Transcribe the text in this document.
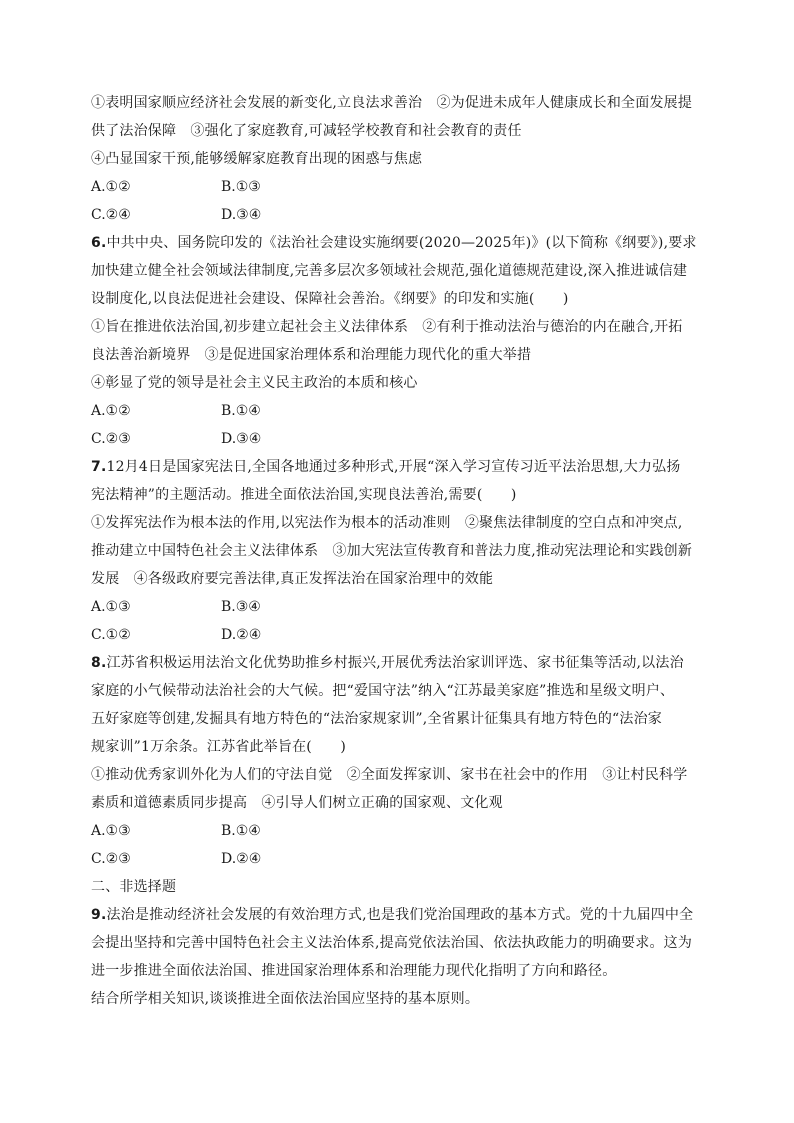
①表明国家顺应经济社会发展的新变化,立良法求善治　②为促进未成年人健康成长和全面发展提
供了法治保障　③强化了家庭教育,可减轻学校教育和社会教育的责任
④凸显国家干预,能够缓解家庭教育出现的困惑与焦虑
A.①②	B.①③
C.②④	D.③④
6.中共中央、国务院印发的《法治社会建设实施纲要(2020—2025年)》(以下简称《纲要》),要求
加快建立健全社会领域法律制度,完善多层次多领域社会规范,强化道德规范建设,深入推进诚信建
设制度化,以良法促进社会建设、保障社会善治。《纲要》的印发和实施(　　)
①旨在推进依法治国,初步建立起社会主义法律体系　②有利于推动法治与德治的内在融合,开拓
良法善治新境界　③是促进国家治理体系和治理能力现代化的重大举措
④彰显了党的领导是社会主义民主政治的本质和核心
A.①②	B.①④
C.②③	D.③④
7.12月4日是国家宪法日,全国各地通过多种形式,开展“深入学习宣传习近平法治思想,大力弘扬
宪法精神”的主题活动。推进全面依法治国,实现良法善治,需要(　　)
①发挥宪法作为根本法的作用,以宪法作为根本的活动准则　②聚焦法律制度的空白点和冲突点,
推动建立中国特色社会主义法律体系　③加大宪法宣传教育和普法力度,推动宪法理论和实践创新
发展　④各级政府要完善法律,真正发挥法治在国家治理中的效能
A.①③	B.③④
C.①②	D.②④
8.江苏省积极运用法治文化优势助推乡村振兴,开展优秀法治家训评选、家书征集等活动,以法治
家庭的小气候带动法治社会的大气候。把“爱国守法”纳入“江苏最美家庭”推选和星级文明户、
五好家庭等创建,发掘具有地方特色的“法治家规家训”,全省累计征集具有地方特色的“法治家
规家训”1万余条。江苏省此举旨在(　　)
①推动优秀家训外化为人们的守法自觉　②全面发挥家训、家书在社会中的作用　③让村民科学
素质和道德素质同步提高　④引导人们树立正确的国家观、文化观
A.①③	B.①④
C.②③	D.②④
二、非选择题
9.法治是推动经济社会发展的有效治理方式,也是我们党治国理政的基本方式。党的十九届四中全
会提出坚持和完善中国特色社会主义法治体系,提高党依法治国、依法执政能力的明确要求。这为
进一步推进全面依法治国、推进国家治理体系和治理能力现代化指明了方向和路径。
结合所学相关知识,谈谈推进全面依法治国应坚持的基本原则。
